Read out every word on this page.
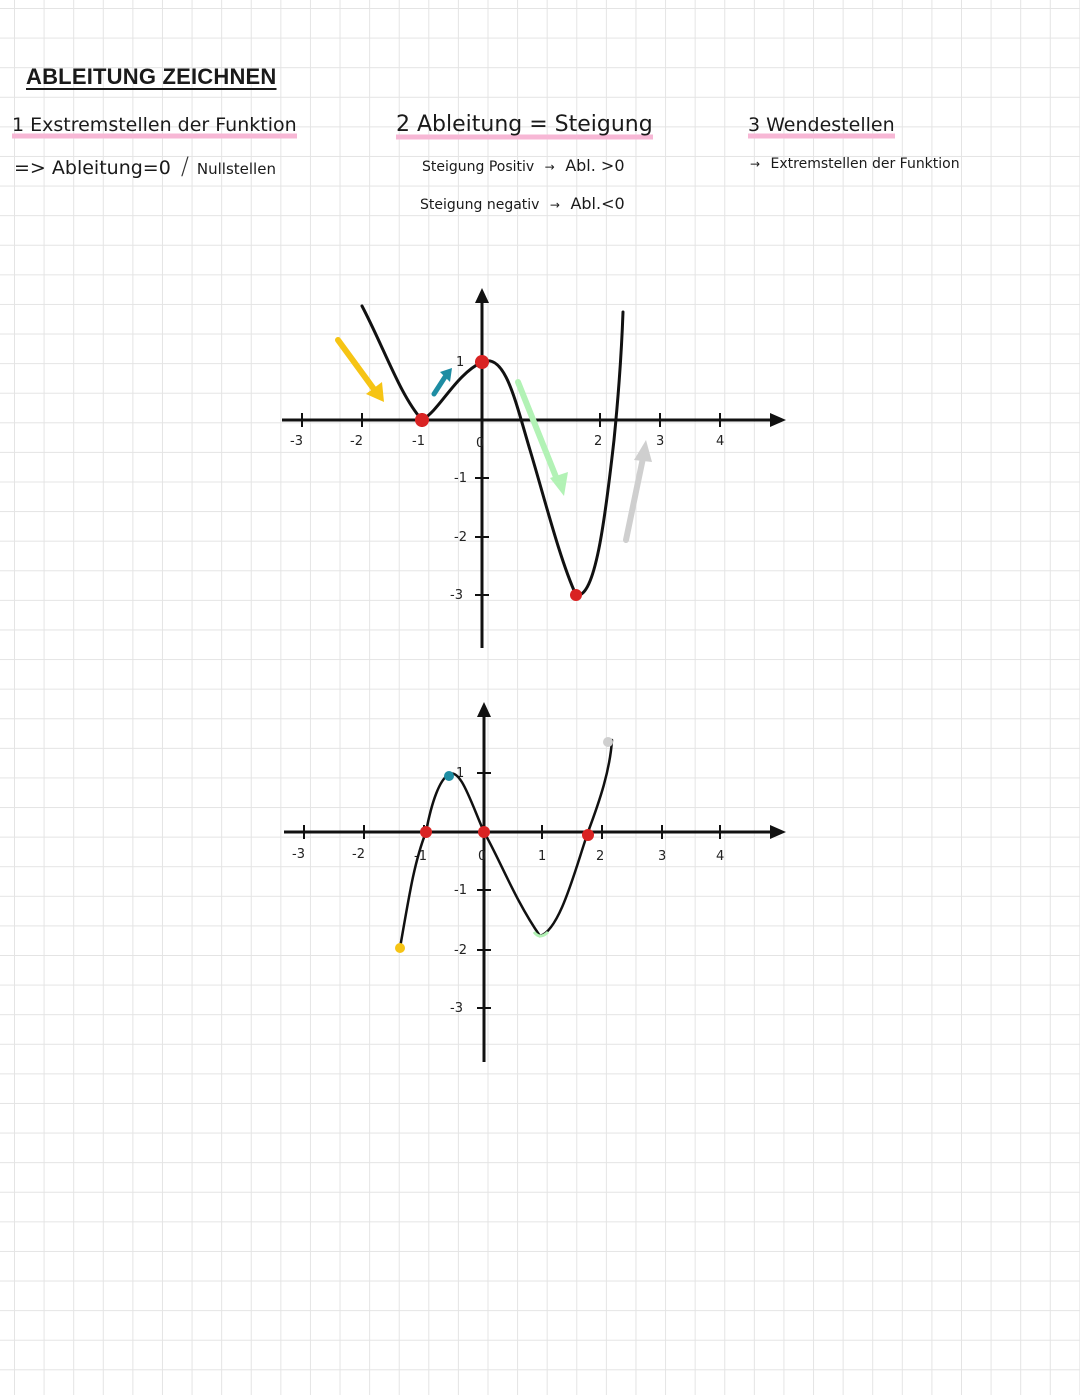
ABLEITUNG ZEICHNEN
1 Exstremstellen der Funktion
=> Ableitung=0 / Nullstellen
2 Ableitung = Steigung
Steigung Positiv → Abl. >0
Steigung negativ → Abl.<0
3 Wendestellen
→ Extremstellen der Funktion
-3	-2	-1	0	2	3	4
1
-1
-2
-3
-3	-2	-1	0	1	2	3	4
1
-1
-2
-3
